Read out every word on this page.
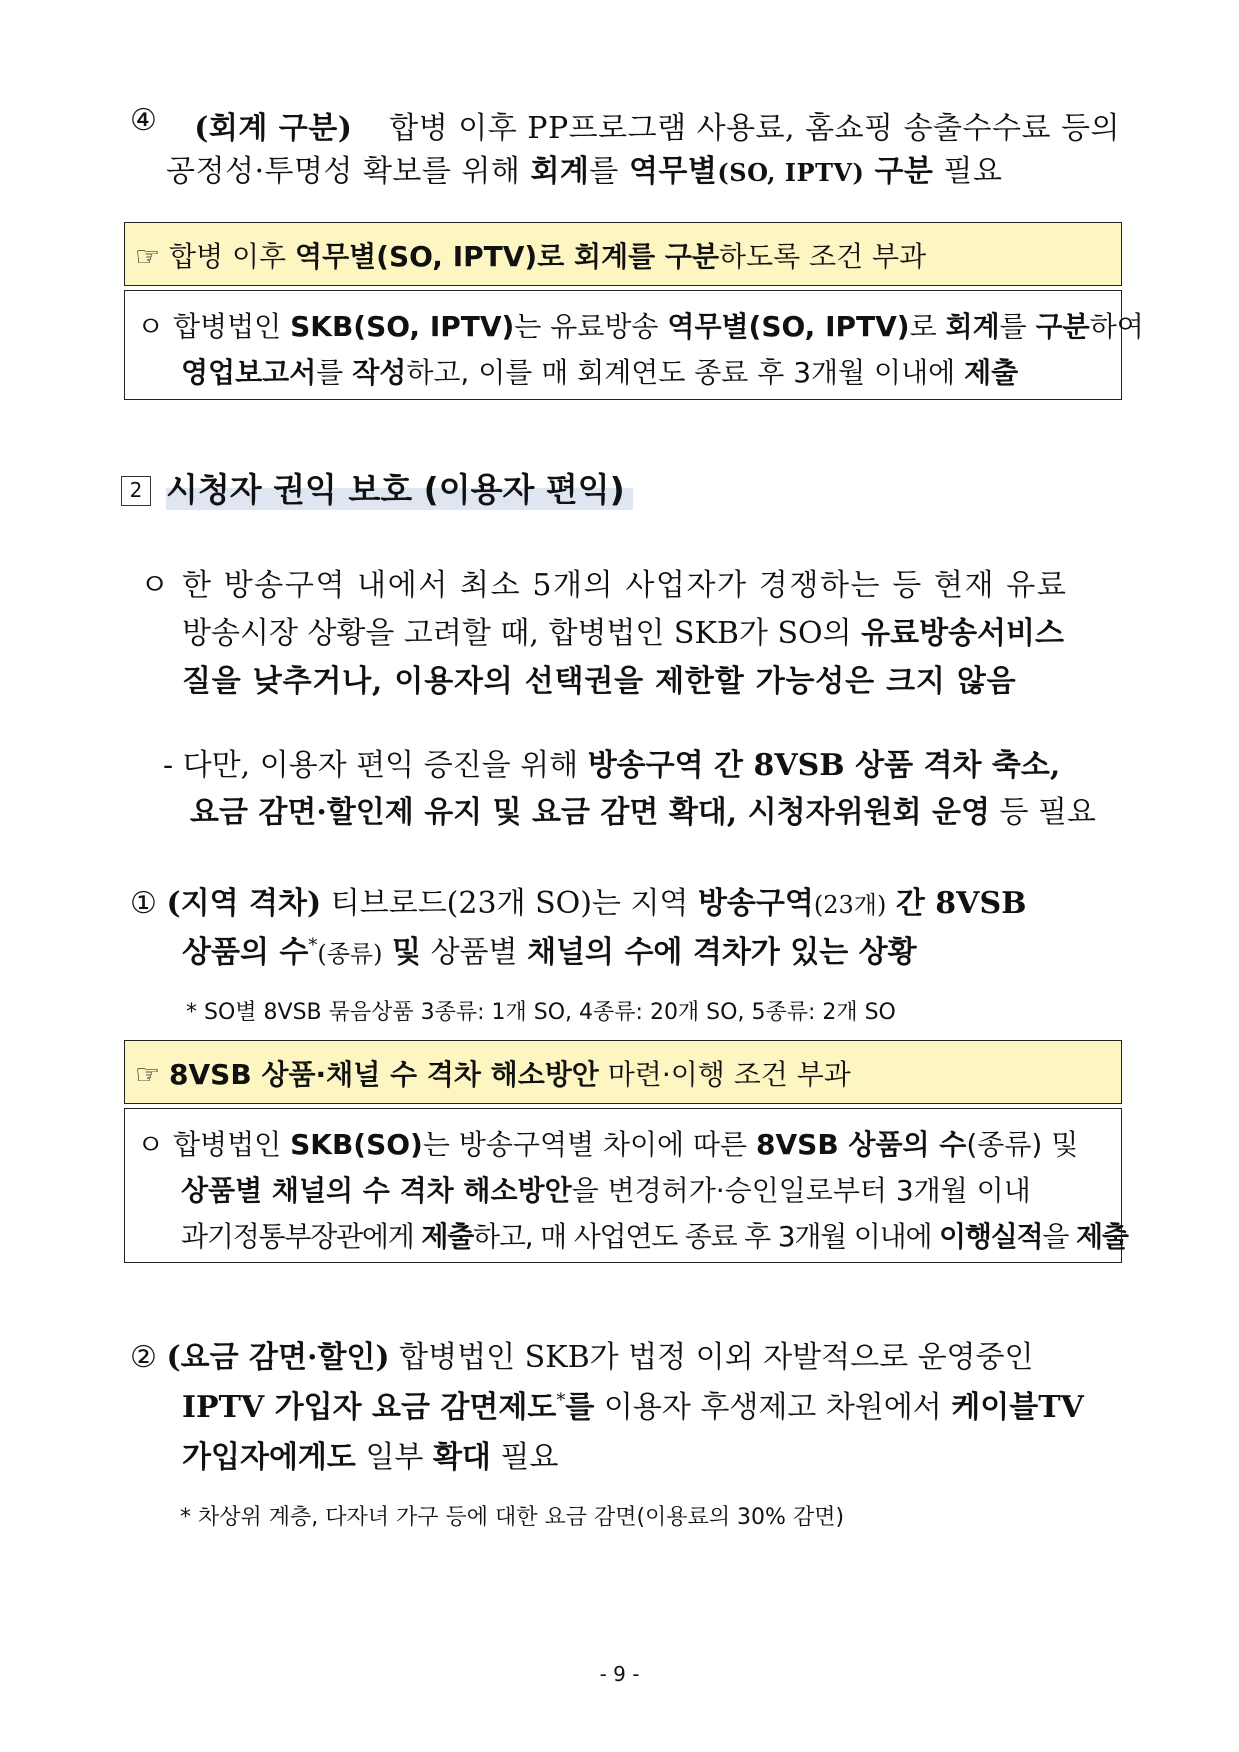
④ (회계 구분) 합병 이후 PP프로그램 사용료, 홈쇼핑 송출수수료 등의
공정성·투명성 확보를 위해 회계를 역무별(SO, IPTV) 구분 필요
☞ 합병 이후 역무별(SO, IPTV)로 회계를 구분하도록 조건 부과
ㅇ 합병법인 SKB(SO, IPTV)는 유료방송 역무별(SO, IPTV)로 회계를 구분하여
영업보고서를 작성하고, 이를 매 회계연도 종료 후 3개월 이내에 제출
2 시청자 권익 보호 (이용자 편익)
ㅇ 한 방송구역 내에서 최소 5개의 사업자가 경쟁하는 등 현재 유료
방송시장 상황을 고려할 때, 합병법인 SKB가 SO의 유료방송서비스
질을 낮추거나, 이용자의 선택권을 제한할 가능성은 크지 않음
- 다만, 이용자 편익 증진을 위해 방송구역 간 8VSB 상품 격차 축소,
요금 감면·할인제 유지 및 요금 감면 확대, 시청자위원회 운영 등 필요
① (지역 격차) 티브로드(23개 SO)는 지역 방송구역(23개) 간 8VSB
상품의 수*(종류) 및 상품별 채널의 수에 격차가 있는 상황
* SO별 8VSB 묶음상품 3종류: 1개 SO, 4종류: 20개 SO, 5종류: 2개 SO
☞ 8VSB 상품·채널 수 격차 해소방안 마련·이행 조건 부과
ㅇ 합병법인 SKB(SO)는 방송구역별 차이에 따른 8VSB 상품의 수(종류) 및
상품별 채널의 수 격차 해소방안을 변경허가·승인일로부터 3개월 이내
과기정통부장관에게 제출하고, 매 사업연도 종료 후 3개월 이내에 이행실적을 제출
② (요금 감면·할인) 합병법인 SKB가 법정 이외 자발적으로 운영중인
IPTV 가입자 요금 감면제도*를 이용자 후생제고 차원에서 케이블TV
가입자에게도 일부 확대 필요
* 차상위 계층, 다자녀 가구 등에 대한 요금 감면(이용료의 30% 감면)
- 9 -
